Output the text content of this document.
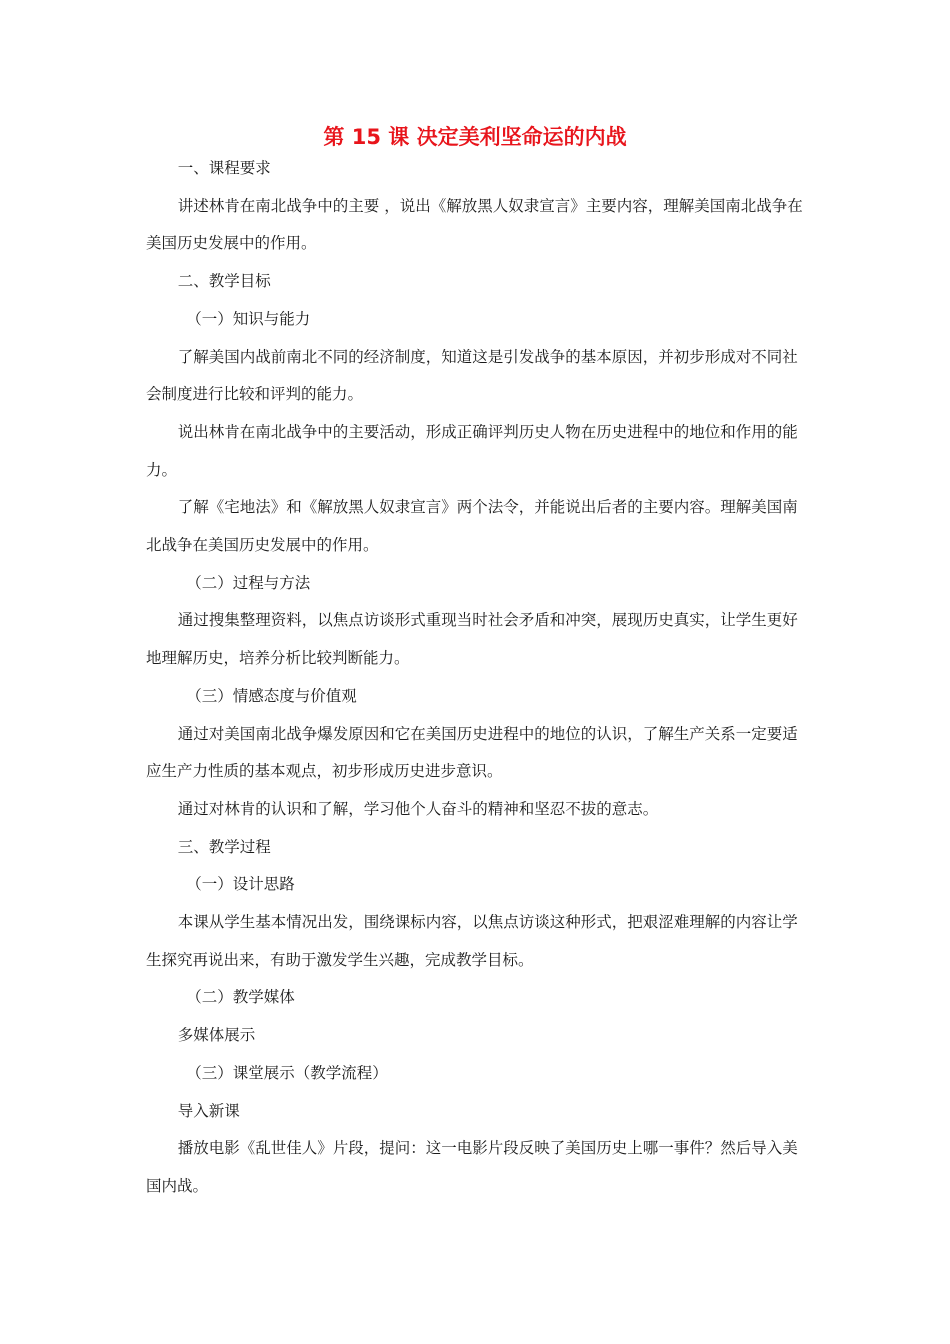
第 15 课 决定美利坚命运的内战

一、课程要求

讲述林肯在南北战争中的主要 ，说出《解放黑人奴隶宣言》主要内容，理解美国南北战争在美国历史发展中的作用。

二、教学目标

（一）知识与能力

了解美国内战前南北不同的经济制度，知道这是引发战争的基本原因，并初步形成对不同社会制度进行比较和评判的能力。

说出林肯在南北战争中的主要活动，形成正确评判历史人物在历史进程中的地位和作用的能力。

了解《宅地法》和《解放黑人奴隶宣言》两个法令，并能说出后者的主要内容。理解美国南北战争在美国历史发展中的作用。

（二）过程与方法

通过搜集整理资料，以焦点访谈形式重现当时社会矛盾和冲突，展现历史真实，让学生更好地理解历史，培养分析比较判断能力。

（三）情感态度与价值观

通过对美国南北战争爆发原因和它在美国历史进程中的地位的认识，了解生产关系一定要适应生产力性质的基本观点，初步形成历史进步意识。

通过对林肯的认识和了解，学习他个人奋斗的精神和坚忍不拔的意志。

三、教学过程

（一）设计思路

本课从学生基本情况出发，围绕课标内容，以焦点访谈这种形式，把艰涩难理解的内容让学生探究再说出来，有助于激发学生兴趣，完成教学目标。

（二）教学媒体

多媒体展示

（三）课堂展示（教学流程）

导入新课

播放电影《乱世佳人》片段，提问：这一电影片段反映了美国历史上哪一事件？然后导入美国内战。
